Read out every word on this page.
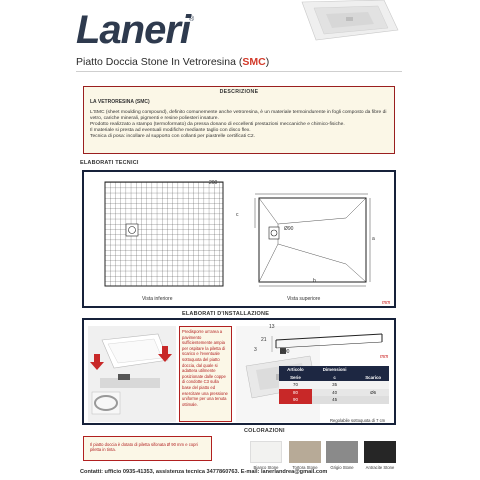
Laneri
®
Piatto Doccia Stone In Vetroresina (SMC)
DESCRIZIONE
LA VETRORESINA (SMC)
L'SMC (sheet moulding compound), definito comunemente anche vetroresina, è un materiale termoindurente in fogli composto da fibre di vetro, cariche minerali, pigmenti e resine poliesteri insature.
Prodotto realizzato a stampo (termoformato) da pressa donano di eccellenti prestazioni meccaniche e chimico-fisiche.
Il materiale si presta ad eventuali modifiche mediante taglio con disco flex.
Tecnica di posa: incollare al supporto con collanti per piastrelle certificati C2.
ELABORATI TECNICI
200
c
a
b
Ø90
Vista inferiore	Vista superiore
mm
ELABORATI D'INSTALLAZIONE
Predisporre un'area a pavimento sufficientemente ampia per ospitare la piletta di scarico e l'eventuale sottoquota del piatto doccia, dal quale si adattera utilmente posizionate dalle coppe di condotte C3 sulla base del piatto ed esercitare una pressione uniforme per una tenuta ottimale.
13
21
3	Ø90
mm
Articolo	Dimensioni	
Serie	c	Scarico
70	35	
80	40	Ø6
90	45	
Regolabile sottoquota di 7 cm
COLORAZIONI
Il piatto doccia è dotato di piletta sifonata Ø 90 mm e copri piletta in tinta.
Bianco Stone	Tortora Stone	Grigio Stone	Antracite Stone
Contatti: ufficio 0935-41353, assistenza tecnica 3477860763. E-mail: lanerlandrea@gmail.com
